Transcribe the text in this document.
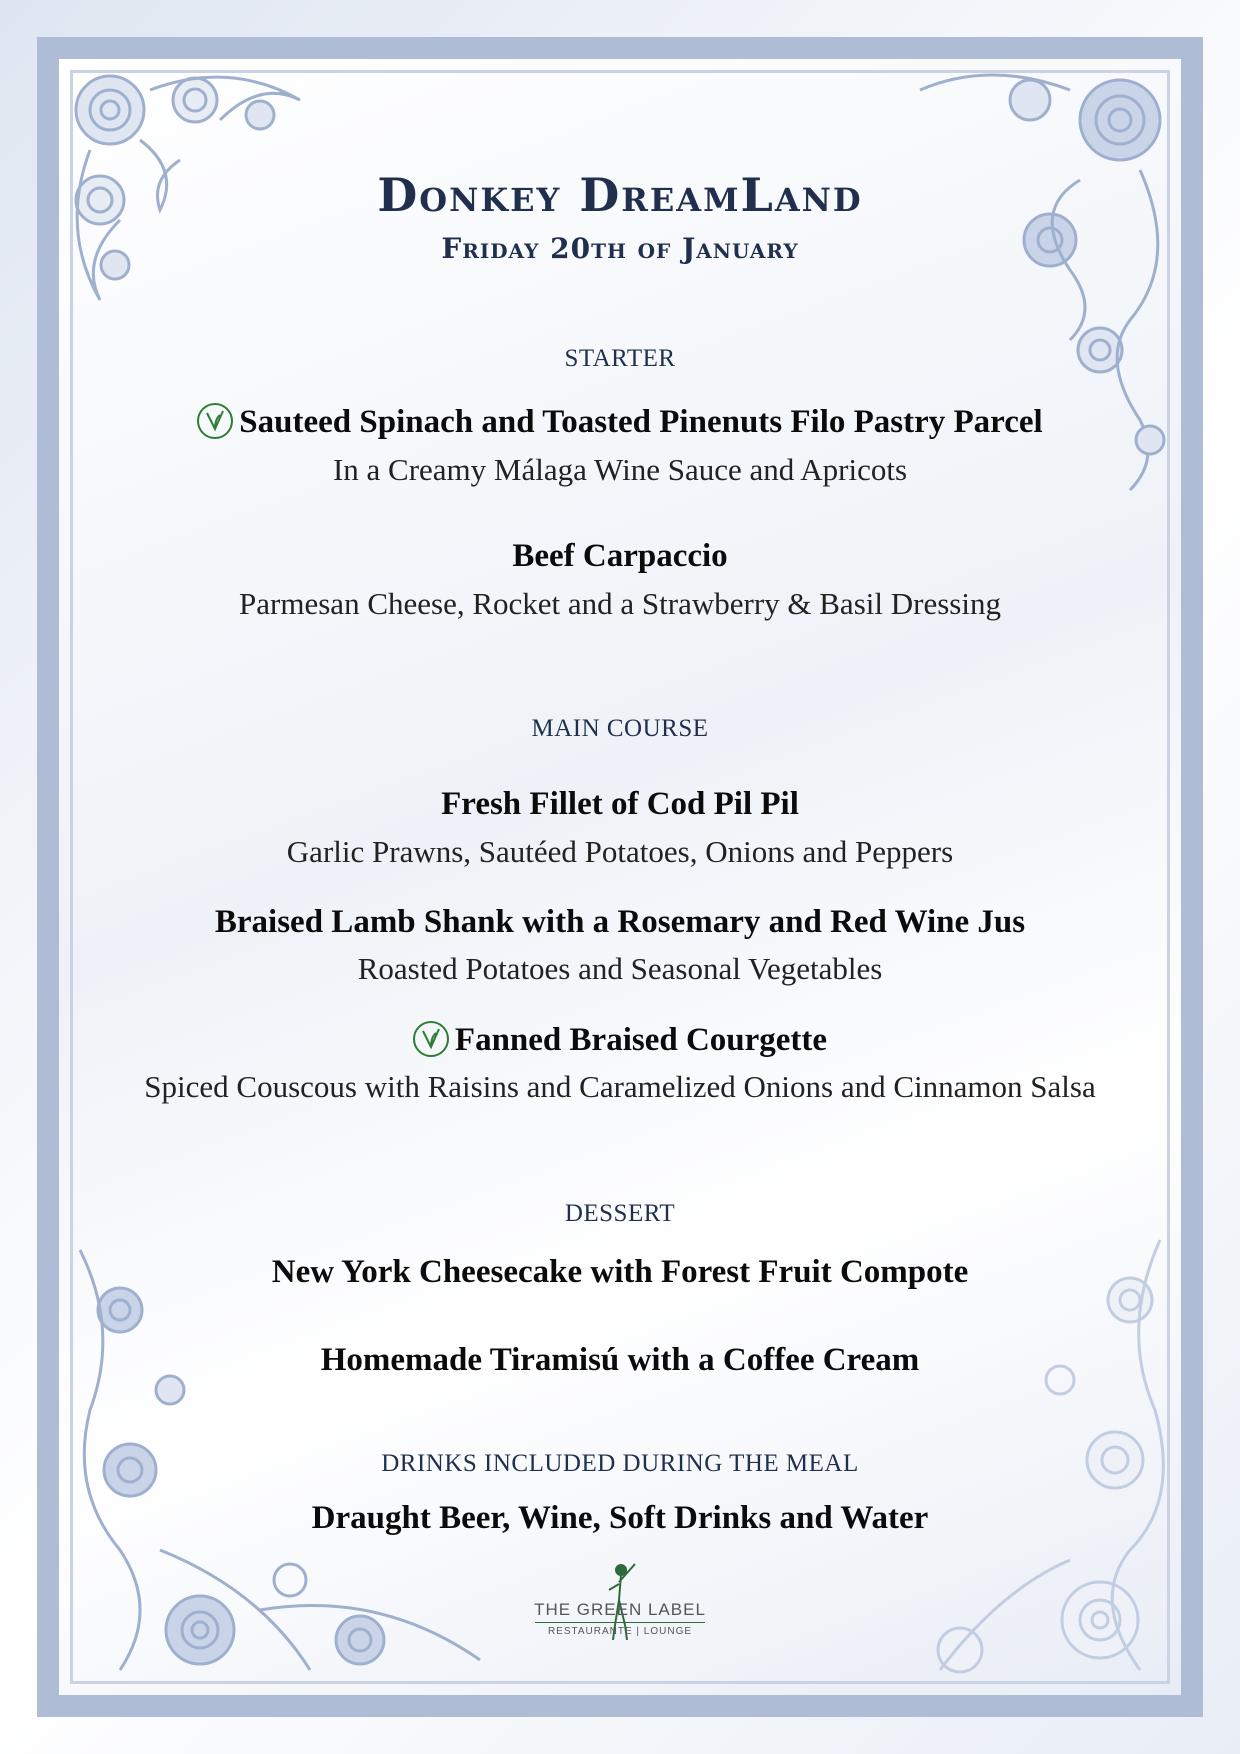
Donkey DreamLand
Friday 20th of January
STARTER
Sauteed Spinach and Toasted Pinenuts Filo Pastry Parcel
In a Creamy Málaga Wine Sauce and Apricots
Beef Carpaccio
Parmesan Cheese, Rocket and a Strawberry & Basil Dressing
MAIN COURSE
Fresh Fillet of Cod Pil Pil
Garlic Prawns, Sautéed Potatoes, Onions and Peppers
Braised Lamb Shank with a Rosemary and Red Wine Jus
Roasted Potatoes and Seasonal Vegetables
Fanned Braised Courgette
Spiced Couscous with Raisins and Caramelized Onions and Cinnamon Salsa
DESSERT
New York Cheesecake with Forest Fruit Compote
Homemade Tiramisú with a Coffee Cream
DRINKS INCLUDED DURING THE MEAL
Draught Beer, Wine, Soft Drinks and Water
THE GREEN LABEL
RESTAURANTE | LOUNGE
